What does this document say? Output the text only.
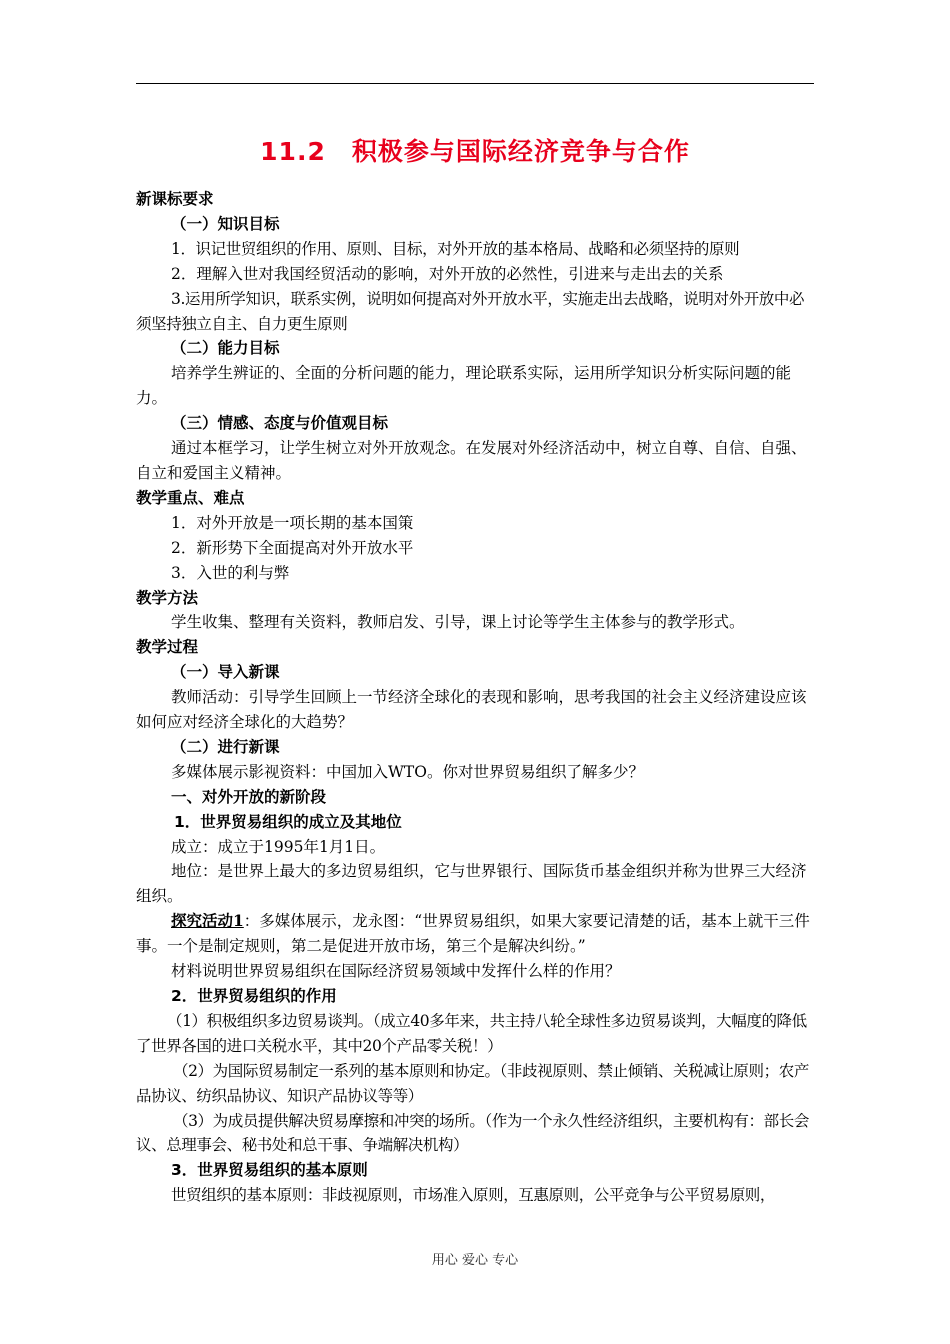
11.2　积极参与国际经济竞争与合作

新课标要求

（一）知识目标

1．识记世贸组织的作用、原则、目标，对外开放的基本格局、战略和必须坚持的原则

2．理解入世对我国经贸活动的影响，对外开放的必然性，引进来与走出去的关系

3.运用所学知识，联系实例，说明如何提高对外开放水平，实施走出去战略，说明对外开放中必须坚持独立自主、自力更生原则

（二）能力目标

培养学生辨证的、全面的分析问题的能力，理论联系实际，运用所学知识分析实际问题的能力。

（三）情感、态度与价值观目标

通过本框学习，让学生树立对外开放观念。在发展对外经济活动中，树立自尊、自信、自强、自立和爱国主义精神。

教学重点、难点

1．对外开放是一项长期的基本国策

2．新形势下全面提高对外开放水平

3．入世的利与弊

教学方法

学生收集、整理有关资料，教师启发、引导，课上讨论等学生主体参与的教学形式。

教学过程

（一）导入新课

教师活动：引导学生回顾上一节经济全球化的表现和影响，思考我国的社会主义经济建设应该如何应对经济全球化的大趋势？

（二）进行新课

多媒体展示影视资料：中国加入WTO。你对世界贸易组织了解多少？

一、对外开放的新阶段

1．世界贸易组织的成立及其地位

成立：成立于1995年1月1日。

地位：是世界上最大的多边贸易组织，它与世界银行、国际货币基金组织并称为世界三大经济组织。

探究活动1：多媒体展示，龙永图：“世界贸易组织，如果大家要记清楚的话，基本上就干三件事。一个是制定规则，第二是促进开放市场，第三个是解决纠纷。”

材料说明世界贸易组织在国际经济贸易领域中发挥什么样的作用？

2．世界贸易组织的作用

（1）积极组织多边贸易谈判。（成立40多年来，共主持八轮全球性多边贸易谈判，大幅度的降低了世界各国的进口关税水平，其中20个产品零关税！）

（2）为国际贸易制定一系列的基本原则和协定。（非歧视原则、禁止倾销、关税减让原则；农产品协议、纺织品协议、知识产品协议等等）

（3）为成员提供解决贸易摩擦和冲突的场所。（作为一个永久性经济组织，主要机构有：部长会议、总理事会、秘书处和总干事、争端解决机构）

3．世界贸易组织的基本原则

世贸组织的基本原则：非歧视原则，市场准入原则，互惠原则，公平竞争与公平贸易原则，

用心 爱心 专心
